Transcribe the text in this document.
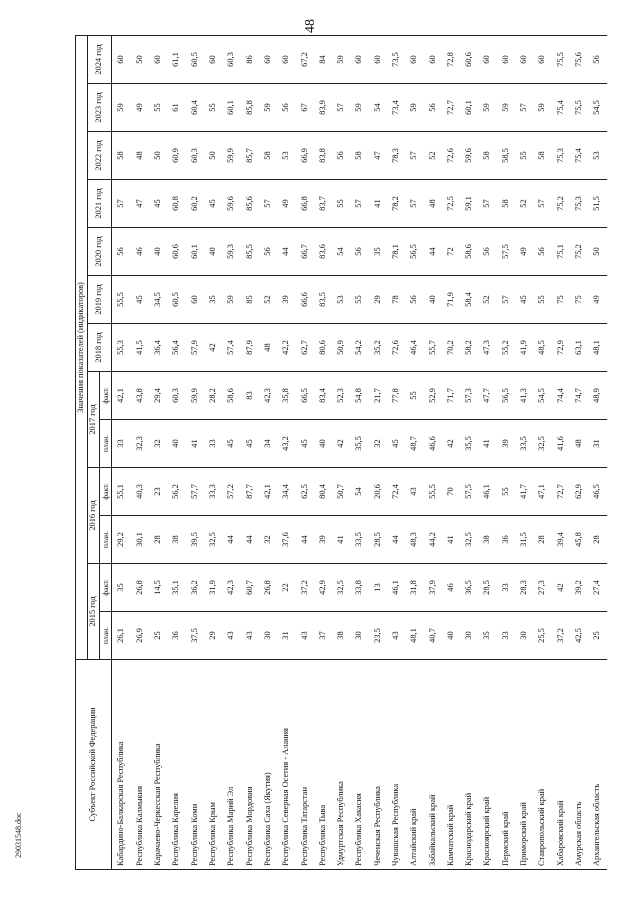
48
Субъект Российской Федерации	Значения показателей (индикаторов)												
	2015 год		2016 год		2017 год		2018 год	2019 год	2020 год	2021 год	2022 год	2023 год	2024 год
	план.	факт.	план.	факт.	план.	факт.							

Кабардино-Балкарская Республика	26,1	35	29,2	55,1	33	42,1	55,3	55,5	56	57	58	59	60
Республика Калмыкия	26,9	26,8	30,1	40,3	32,3	43,8	41,5	45	46	47	48	49	50
Карачаево-Черкесская Республика	25	14,5	28	23	32	29,4	36,4	34,5	40	45	50	55	60
Республика Карелия	36	35,1	38	56,2	40	60,3	56,4	60,5	60,6	60,8	60,9	61	61,1
Республика Коми	37,5	36,2	39,5	57,7	41	59,9	57,9	60	60,1	60,2	60,3	60,4	60,5
Республика Крым	29	31,9	32,5	33,3	33	28,2	42	35	40	45	50	55	60
Республика Марий Эл	43	42,3	44	57,2	45	58,6	57,4	59	59,3	59,6	59,9	60,1	60,3
Республика Мордовия	43	60,7	44	87,7	45	83	87,9	85	85,5	85,6	85,7	85,8	86
Республика Саха (Якутия)	30	26,8	32	42,1	34	42,3	48	52	56	57	58	59	60
Республика Северная Осетия - Алания	31	22	37,6	34,4	43,2	35,8	42,2	39	44	49	53	56	60
Республика Татарстан	43	37,2	44	62,5	45	66,5	62,7	66,6	66,7	66,8	66,9	67	67,2
Республика Тыва	37	42,9	39	80,4	40	83,4	80,6	83,5	83,6	83,7	83,8	83,9	84
Удмуртская Республика	38	32,5	41	50,7	42	52,3	50,9	53	54	55	56	57	59
Республика Хакасия	30	33,8	33,5	54	35,5	54,8	54,2	55	56	57	58	59	60
Чеченская Республика	23,5	13	28,5	20,6	32	21,7	35,2	29	35	41	47	54	60
Чувашская Республика	43	46,1	44	72,4	45	77,8	72,6	78	78,1	78,2	78,3	73,4	73,5
Алтайский край	48,1	31,8	48,3	43	48,7	55	46,4	56	56,5	57	57	59	60
Забайкальский край	40,7	37,9	44,2	55,5	46,6	52,9	55,7	40	44	48	52	56	60
Камчатский край	40	46	41	70	42	71,7	70,2	71,9	72	72,5	72,6	72,7	72,8
Краснодарский край	30	36,5	32,5	57,5	35,5	57,3	58,2	58,4	58,6	59,1	59,6	60,1	60,6
Красноярский край	35	28,5	38	46,1	41	47,7	47,3	52	56	57	58	59	60
Пермский край	33	33	36	55	39	56,5	55,2	57	57,5	58	58,5	59	60
Приморский край	30	28,3	31,5	41,7	33,5	41,3	41,9	45	49	52	55	57	60
Ставропольский край	25,5	27,3	28	47,1	32,5	54,5	48,5	55	56	57	58	59	60
Хабаровский край	37,2	42	39,4	72,7	41,6	74,4	72,9	75	75,1	75,2	75,3	75,4	75,5
Амурская область	42,5	39,2	45,8	62,9	48	74,7	63,1	75	75,2	75,3	75,4	75,5	75,6
Архангельская область	25	27,4	28	46,5	31	48,9	48,1	49	50	51,5	53	54,5	56
29031548.doc
